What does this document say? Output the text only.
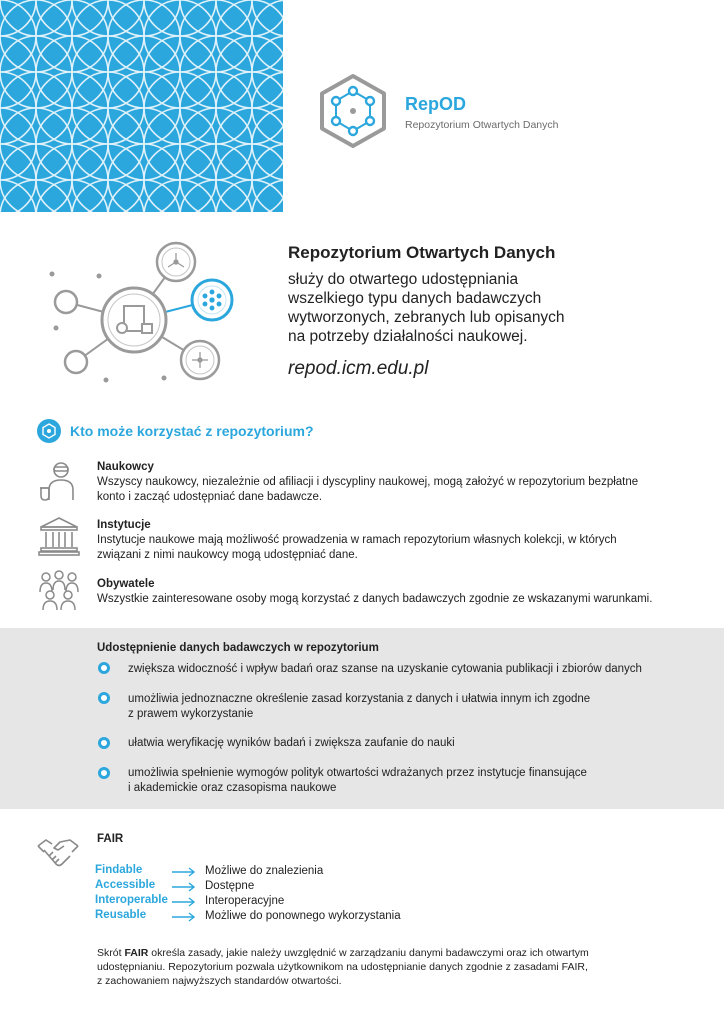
RepOD
Repozytorium Otwartych Danych
Repozytorium Otwartych Danych

służy do otwartego udostępniania
wszelkiego typu danych badawczych
wytworzonych, zebranych lub opisanych
na potrzeby działalności naukowej.

repod.icm.edu.pl
Kto może korzystać z repozytorium?
Naukowcy

Wszyscy naukowcy, niezależnie od afiliacji i dyscypliny naukowej, mogą założyć w repozytorium bezpłatne
konto i zacząć udostępniać dane badawcze.

Instytucje

Instytucje naukowe mają możliwość prowadzenia w ramach repozytorium własnych kolekcji, w których
związani z nimi naukowcy mogą udostępniać dane.

Obywatele

Wszystkie zainteresowane osoby mogą korzystać z danych badawczych zgodnie ze wskazanymi warunkami.

Udostępnienie danych badawczych w repozytorium

zwiększa widoczność i wpływ badań oraz szanse na uzyskanie cytowania publikacji i zbiorów danych

umożliwia jednoznaczne określenie zasad korzystania z danych i ułatwia innym ich zgodne
z prawem wykorzystanie

ułatwia weryfikację wyników badań i zwiększa zaufanie do nauki

umożliwia spełnienie wymogów polityk otwartości wdrażanych przez instytucje finansujące
i akademickie oraz czasopisma naukowe

FAIR
Findable
Accessible
Interoperable
Reusable
Możliwe do znalezienia
Dostępne
Interoperacyjne
Możliwe do ponownego wykorzystania

Skrót FAIR określa zasady, jakie należy uwzględnić w zarządzaniu danymi badawczymi oraz ich otwartym
udostępnianiu. Repozytorium pozwala użytkownikom na udostępnianie danych zgodnie z zasadami FAIR,
z zachowaniem najwyższych standardów otwartości.
